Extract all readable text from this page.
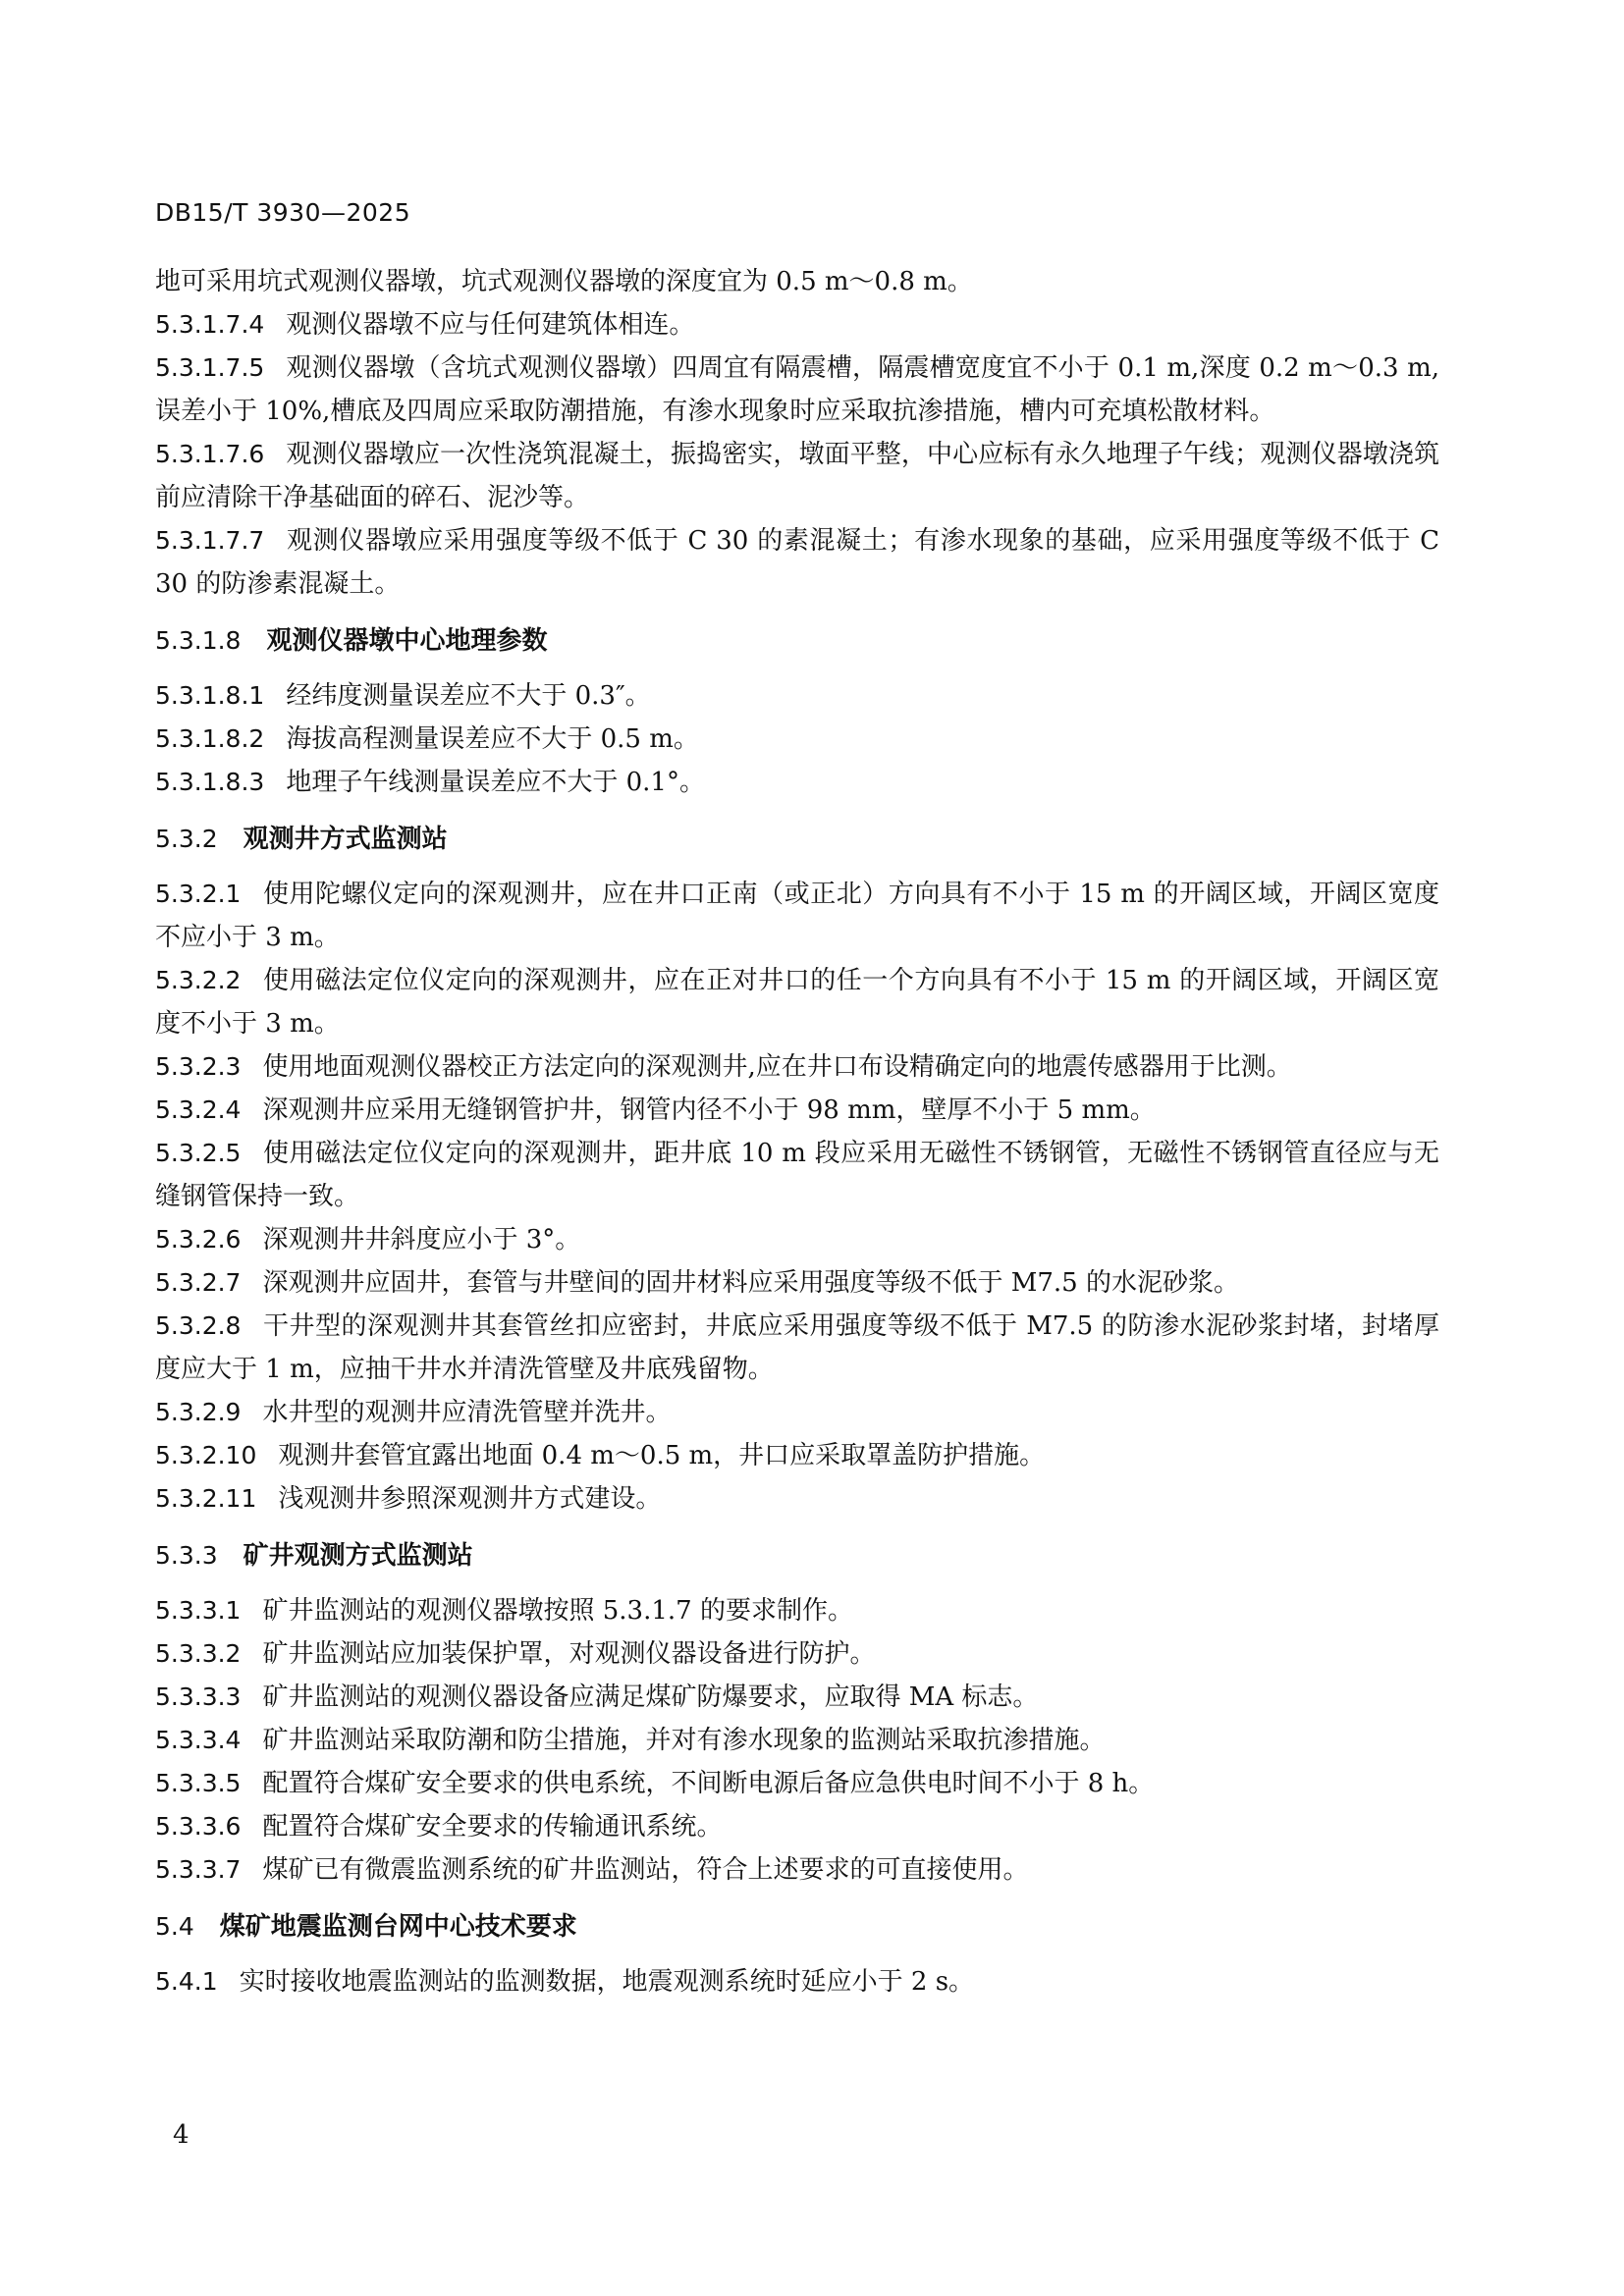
DB15/T 3930—2025
地可采用坑式观测仪器墩，坑式观测仪器墩的深度宜为 0.5 m～0.8 m。
5.3.1.7.4 观测仪器墩不应与任何建筑体相连。
5.3.1.7.5 观测仪器墩（含坑式观测仪器墩）四周宜有隔震槽，隔震槽宽度宜不小于 0.1 m,深度 0.2 m～0.3 m,误差小于 10%,槽底及四周应采取防潮措施，有渗水现象时应采取抗渗措施，槽内可充填松散材料。
5.3.1.7.6 观测仪器墩应一次性浇筑混凝土，振捣密实，墩面平整，中心应标有永久地理子午线；观测仪器墩浇筑前应清除干净基础面的碎石、泥沙等。
5.3.1.7.7 观测仪器墩应采用强度等级不低于 C 30 的素混凝土；有渗水现象的基础，应采用强度等级不低于 C 30 的防渗素混凝土。
5.3.1.8 观测仪器墩中心地理参数
5.3.1.8.1 经纬度测量误差应不大于 0.3″。
5.3.1.8.2 海拔高程测量误差应不大于 0.5 m。
5.3.1.8.3 地理子午线测量误差应不大于 0.1°。
5.3.2 观测井方式监测站
5.3.2.1 使用陀螺仪定向的深观测井，应在井口正南（或正北）方向具有不小于 15 m 的开阔区域，开阔区宽度不应小于 3 m。
5.3.2.2 使用磁法定位仪定向的深观测井，应在正对井口的任一个方向具有不小于 15 m 的开阔区域，开阔区宽度不小于 3 m。
5.3.2.3 使用地面观测仪器校正方法定向的深观测井,应在井口布设精确定向的地震传感器用于比测。
5.3.2.4 深观测井应采用无缝钢管护井，钢管内径不小于 98 mm，壁厚不小于 5 mm。
5.3.2.5 使用磁法定位仪定向的深观测井，距井底 10 m 段应采用无磁性不锈钢管，无磁性不锈钢管直径应与无缝钢管保持一致。
5.3.2.6 深观测井井斜度应小于 3°。
5.3.2.7 深观测井应固井，套管与井壁间的固井材料应采用强度等级不低于 M7.5 的水泥砂浆。
5.3.2.8 干井型的深观测井其套管丝扣应密封，井底应采用强度等级不低于 M7.5 的防渗水泥砂浆封堵，封堵厚度应大于 1 m，应抽干井水并清洗管壁及井底残留物。
5.3.2.9 水井型的观测井应清洗管壁并洗井。
5.3.2.10 观测井套管宜露出地面 0.4 m～0.5 m，井口应采取罩盖防护措施。
5.3.2.11 浅观测井参照深观测井方式建设。
5.3.3 矿井观测方式监测站
5.3.3.1 矿井监测站的观测仪器墩按照 5.3.1.7 的要求制作。
5.3.3.2 矿井监测站应加装保护罩，对观测仪器设备进行防护。
5.3.3.3 矿井监测站的观测仪器设备应满足煤矿防爆要求，应取得 MA 标志。
5.3.3.4 矿井监测站采取防潮和防尘措施，并对有渗水现象的监测站采取抗渗措施。
5.3.3.5 配置符合煤矿安全要求的供电系统，不间断电源后备应急供电时间不小于 8 h。
5.3.3.6 配置符合煤矿安全要求的传输通讯系统。
5.3.3.7 煤矿已有微震监测系统的矿井监测站，符合上述要求的可直接使用。
5.4 煤矿地震监测台网中心技术要求
5.4.1 实时接收地震监测站的监测数据，地震观测系统时延应小于 2 s。
4
